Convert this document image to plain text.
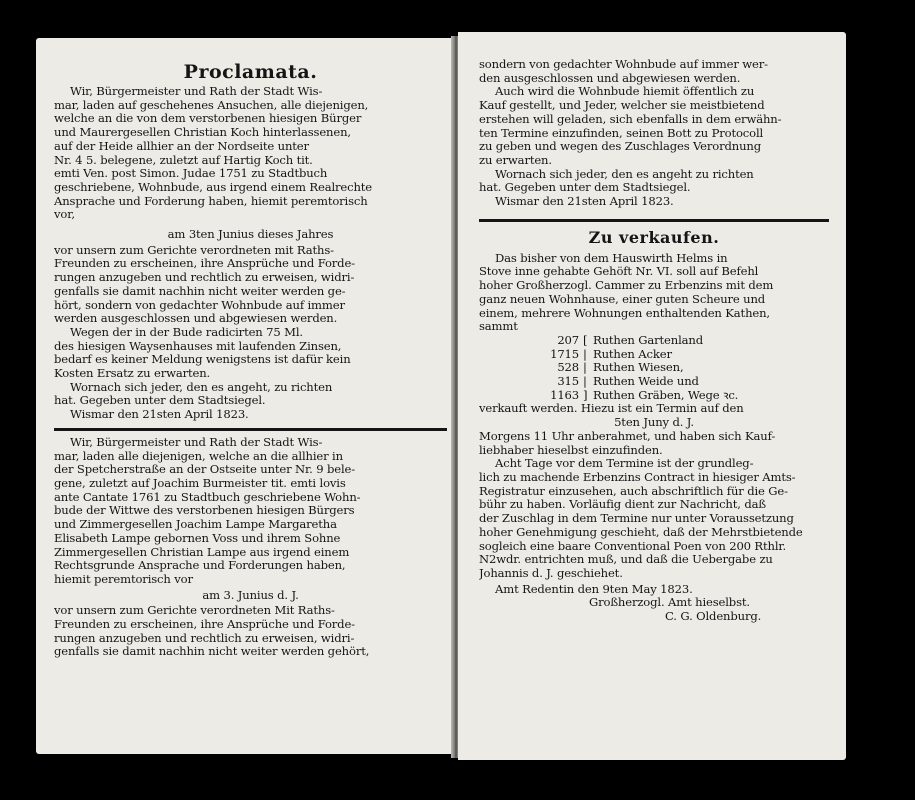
Proclamata.
Wir, Bürgermeister und Rath der Stadt Wis-
mar, laden auf geschehenes Ansuchen, alle diejenigen,
welche an die von dem verstorbenen hiesigen Bürger
und Maurergesellen Christian Koch hinterlassenen,
auf der Heide allhier an der Nordseite unter
Nr. 4 5. belegene, zuletzt auf Hartig Koch tit.
emti Ven. post Simon. Judae 1751 zu Stadtbuch
geschriebene, Wohnbude, aus irgend einem Realrechte
Ansprache und Forderung haben, hiemit peremtorisch
vor,
am 3ten Junius dieses Jahres
vor unsern zum Gerichte verordneten mit Raths-
Freunden zu erscheinen, ihre Ansprüche und Forde-
rungen anzugeben und rechtlich zu erweisen, widri-
genfalls sie damit nachhin nicht weiter werden ge-
hört, sondern von gedachter Wohnbude auf immer
werden ausgeschlossen und abgewiesen werden.
Wegen der in der Bude radicirten 75 Ml.
des hiesigen Waysenhauses mit laufenden Zinsen,
bedarf es keiner Meldung wenigstens ist dafür kein
Kosten Ersatz zu erwarten.
Wornach sich jeder, den es angeht, zu richten
hat. Gegeben unter dem Stadtsiegel.
Wismar den 21sten April 1823.
Wir, Bürgermeister und Rath der Stadt Wis-
mar, laden alle diejenigen, welche an die allhier in
der Spetcherstraße an der Ostseite unter Nr. 9 bele-
gene, zuletzt auf Joachim Burmeister tit. emti lovis
ante Cantate 1761 zu Stadtbuch geschriebene Wohn-
bude der Wittwe des verstorbenen hiesigen Bürgers
und Zimmergesellen Joachim Lampe Margaretha
Elisabeth Lampe gebornen Voss und ihrem Sohne
Zimmergesellen Christian Lampe aus irgend einem
Rechtsgrunde Ansprache und Forderungen haben,
hiemit peremtorisch vor
am 3. Junius d. J.
vor unsern zum Gerichte verordneten Mit Raths-
Freunden zu erscheinen, ihre Ansprüche und Forde-
rungen anzugeben und rechtlich zu erweisen, widri-
genfalls sie damit nachhin nicht weiter werden gehört,
sondern von gedachter Wohnbude auf immer wer-
den ausgeschlossen und abgewiesen werden.
Auch wird die Wohnbude hiemit öffentlich zu
Kauf gestellt, und Jeder, welcher sie meistbietend
erstehen will geladen, sich ebenfalls in dem erwähn-
ten Termine einzufinden, seinen Bott zu Protocoll
zu geben und wegen des Zuschlages Verordnung
zu erwarten.
Wornach sich jeder, den es angeht zu richten
hat. Gegeben unter dem Stadtsiegel.
Wismar den 21sten April 1823.
Zu verkaufen.
Das bisher von dem Hauswirth Helms in
Stove inne gehabte Gehöft Nr. VI. soll auf Befehl
hoher Großherzogl. Cammer zu Erbenzins mit dem
ganz neuen Wohnhause, einer guten Scheure und
einem, mehrere Wohnungen enthaltenden Kathen,
sammt
207 [ Ruthen Gartenland
1715 | Ruthen Acker
528 | Ruthen Wiesen,
315 | Ruthen Weide und
1163 ] Ruthen Gräben, Wege ꝛc.
verkauft werden. Hiezu ist ein Termin auf den
5ten Juny d. J.
Morgens 11 Uhr anberahmet, und haben sich Kauf-
liebhaber hieselbst einzufinden.
Acht Tage vor dem Termine ist der grundleg-
lich zu machende Erbenzins Contract in hiesiger Amts-
Registratur einzusehen, auch abschriftlich für die Ge-
bühr zu haben. Vorläufig dient zur Nachricht, daß
der Zuschlag in dem Termine nur unter Voraussetzung
hoher Genehmigung geschieht, daß der Mehrstbietende
sogleich eine baare Conventional Poen von 200 Rthlr.
N2wdr. entrichten muß, und daß die Uebergabe zu
Johannis d. J. geschiehet.
Amt Redentin den 9ten May 1823.
Großherzogl. Amt hieselbst.
C. G. Oldenburg.
